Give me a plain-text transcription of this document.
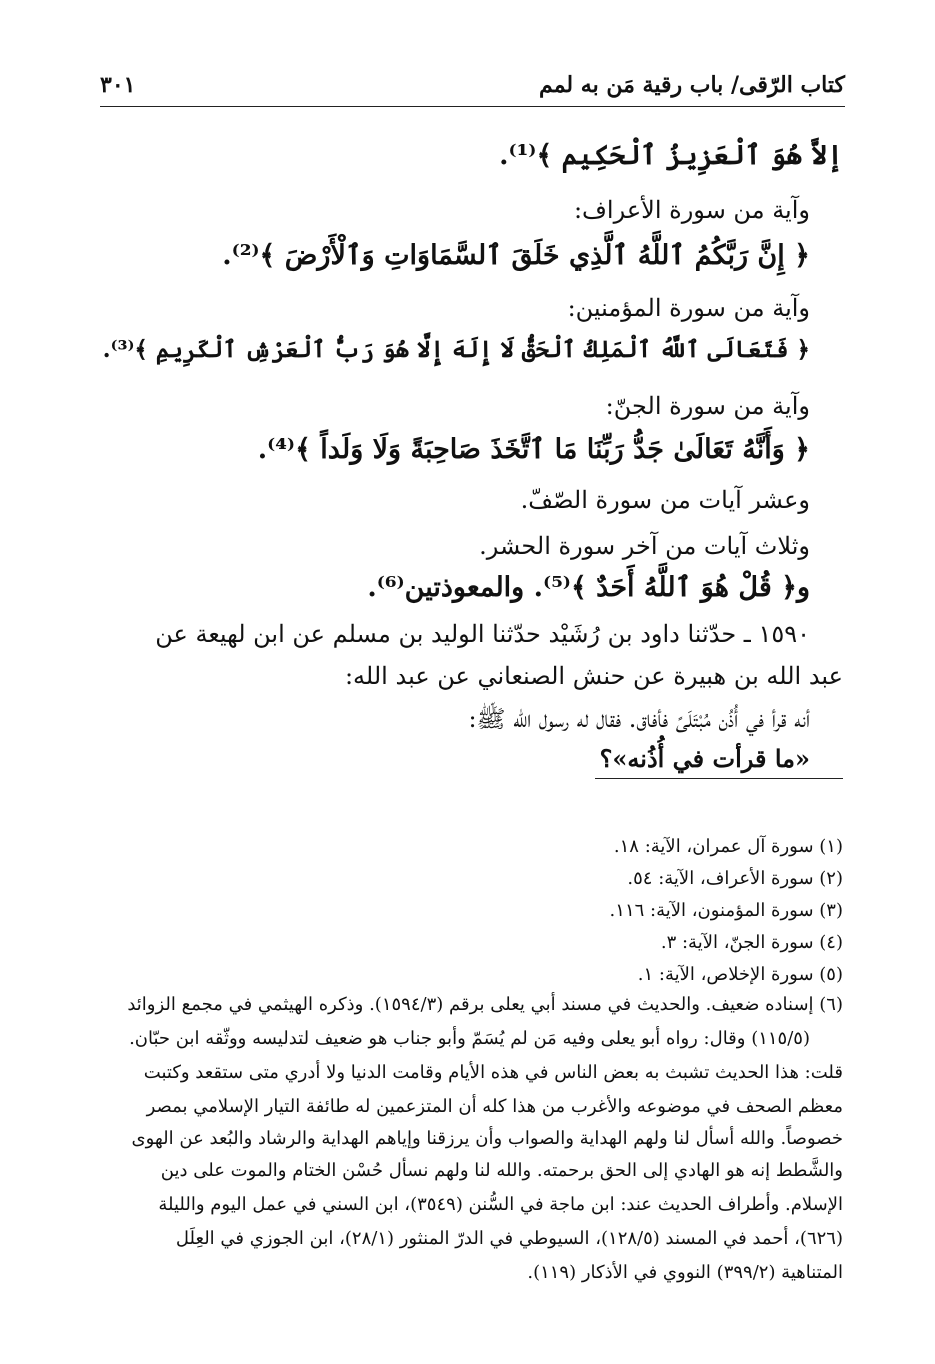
كتاب الرّقى/ باب رقية مَن به لمم
٣٠١
إلاَّ هُوَ ٱلْعَزِيزُ ٱلْحَكِيم ﴾⁽¹⁾.
وآية من سورة الأعراف:
﴿ إِنَّ رَبَّكُمُ ٱللَّهُ ٱلَّذِي خَلَقَ ٱلسَّمَاوَاتِ وَٱلْأَرْضَ ﴾⁽²⁾.
وآية من سورة المؤمنين:
﴿ فَتَعَالَى ٱللَّهُ ٱلْمَلِكُ ٱلْحَقُّ لَا إِلَهَ إِلَّا هُوَ رَبُّ ٱلْعَرْشِ ٱلْكَرِيمِ ﴾⁽³⁾.
وآية من سورة الجنّ:
﴿ وَأَنَّهُ تَعَالَىٰ جَدُّ رَبِّنَا مَا ٱتَّخَذَ صَاحِبَةً وَلَا وَلَداً ﴾⁽⁴⁾.
وعشر آيات من سورة الصّفّ.
وثلاث آيات من آخر سورة الحشر.
و﴿ قُلْ هُوَ ٱللَّهُ أَحَدٌ ﴾⁽⁵⁾. والمعوذتين⁽⁶⁾.
١٥٩٠ ـ حدّثنا داود بن رُشَيْد حدّثنا الوليد بن مسلم عن ابن لهيعة عن
عبد الله بن هبيرة عن حنش الصنعاني عن عبد الله:
أنه قرأ في أُذُن مُبْتَلَىً فأفاق. فقال له رسول الله ﷺ:
«ما قرأت في أُذُنه»؟
(١) سورة آل عمران، الآية: ١٨.
(٢) سورة الأعراف، الآية: ٥٤.
(٣) سورة المؤمنون، الآية: ١١٦.
(٤) سورة الجنّ، الآية: ٣.
(٥) سورة الإخلاص، الآية: ١.
(٦) إسناده ضعيف. والحديث في مسند أبي يعلى برقم (١٥٩٤/٣). وذكره الهيثمي في مجمع الزوائد
(١١٥/٥) وقال: رواه أبو يعلى وفيه مَن لم يُسَمّ وأبو جناب هو ضعيف لتدليسه ووثّقه ابن حبّان.
قلت: هذا الحديث تشبث به بعض الناس في هذه الأيام وقامت الدنيا ولا أدري متى ستقعد وكتبت
معظم الصحف في موضوعه والأغرب من هذا كله أن المتزعمين له طائفة التيار الإسلامي بمصر
خصوصاً. والله أسأل لنا ولهم الهداية والصواب وأن يرزقنا وإياهم الهداية والرشاد والبُعد عن الهوى
والشَّطط إنه هو الهادي إلى الحق برحمته. والله لنا ولهم نسأل حُسْن الختام والموت على دين
الإسلام. وأطراف الحديث عند: ابن ماجة في السُّنن (٣٥٤٩)، ابن السني في عمل اليوم والليلة
(٦٢٦)، أحمد في المسند (١٢٨/٥)، السيوطي في الدرّ المنثور (٢٨/١)، ابن الجوزي في العِلَل
المتناهية (٣٩٩/٢) النووي في الأذكار (١١٩).
